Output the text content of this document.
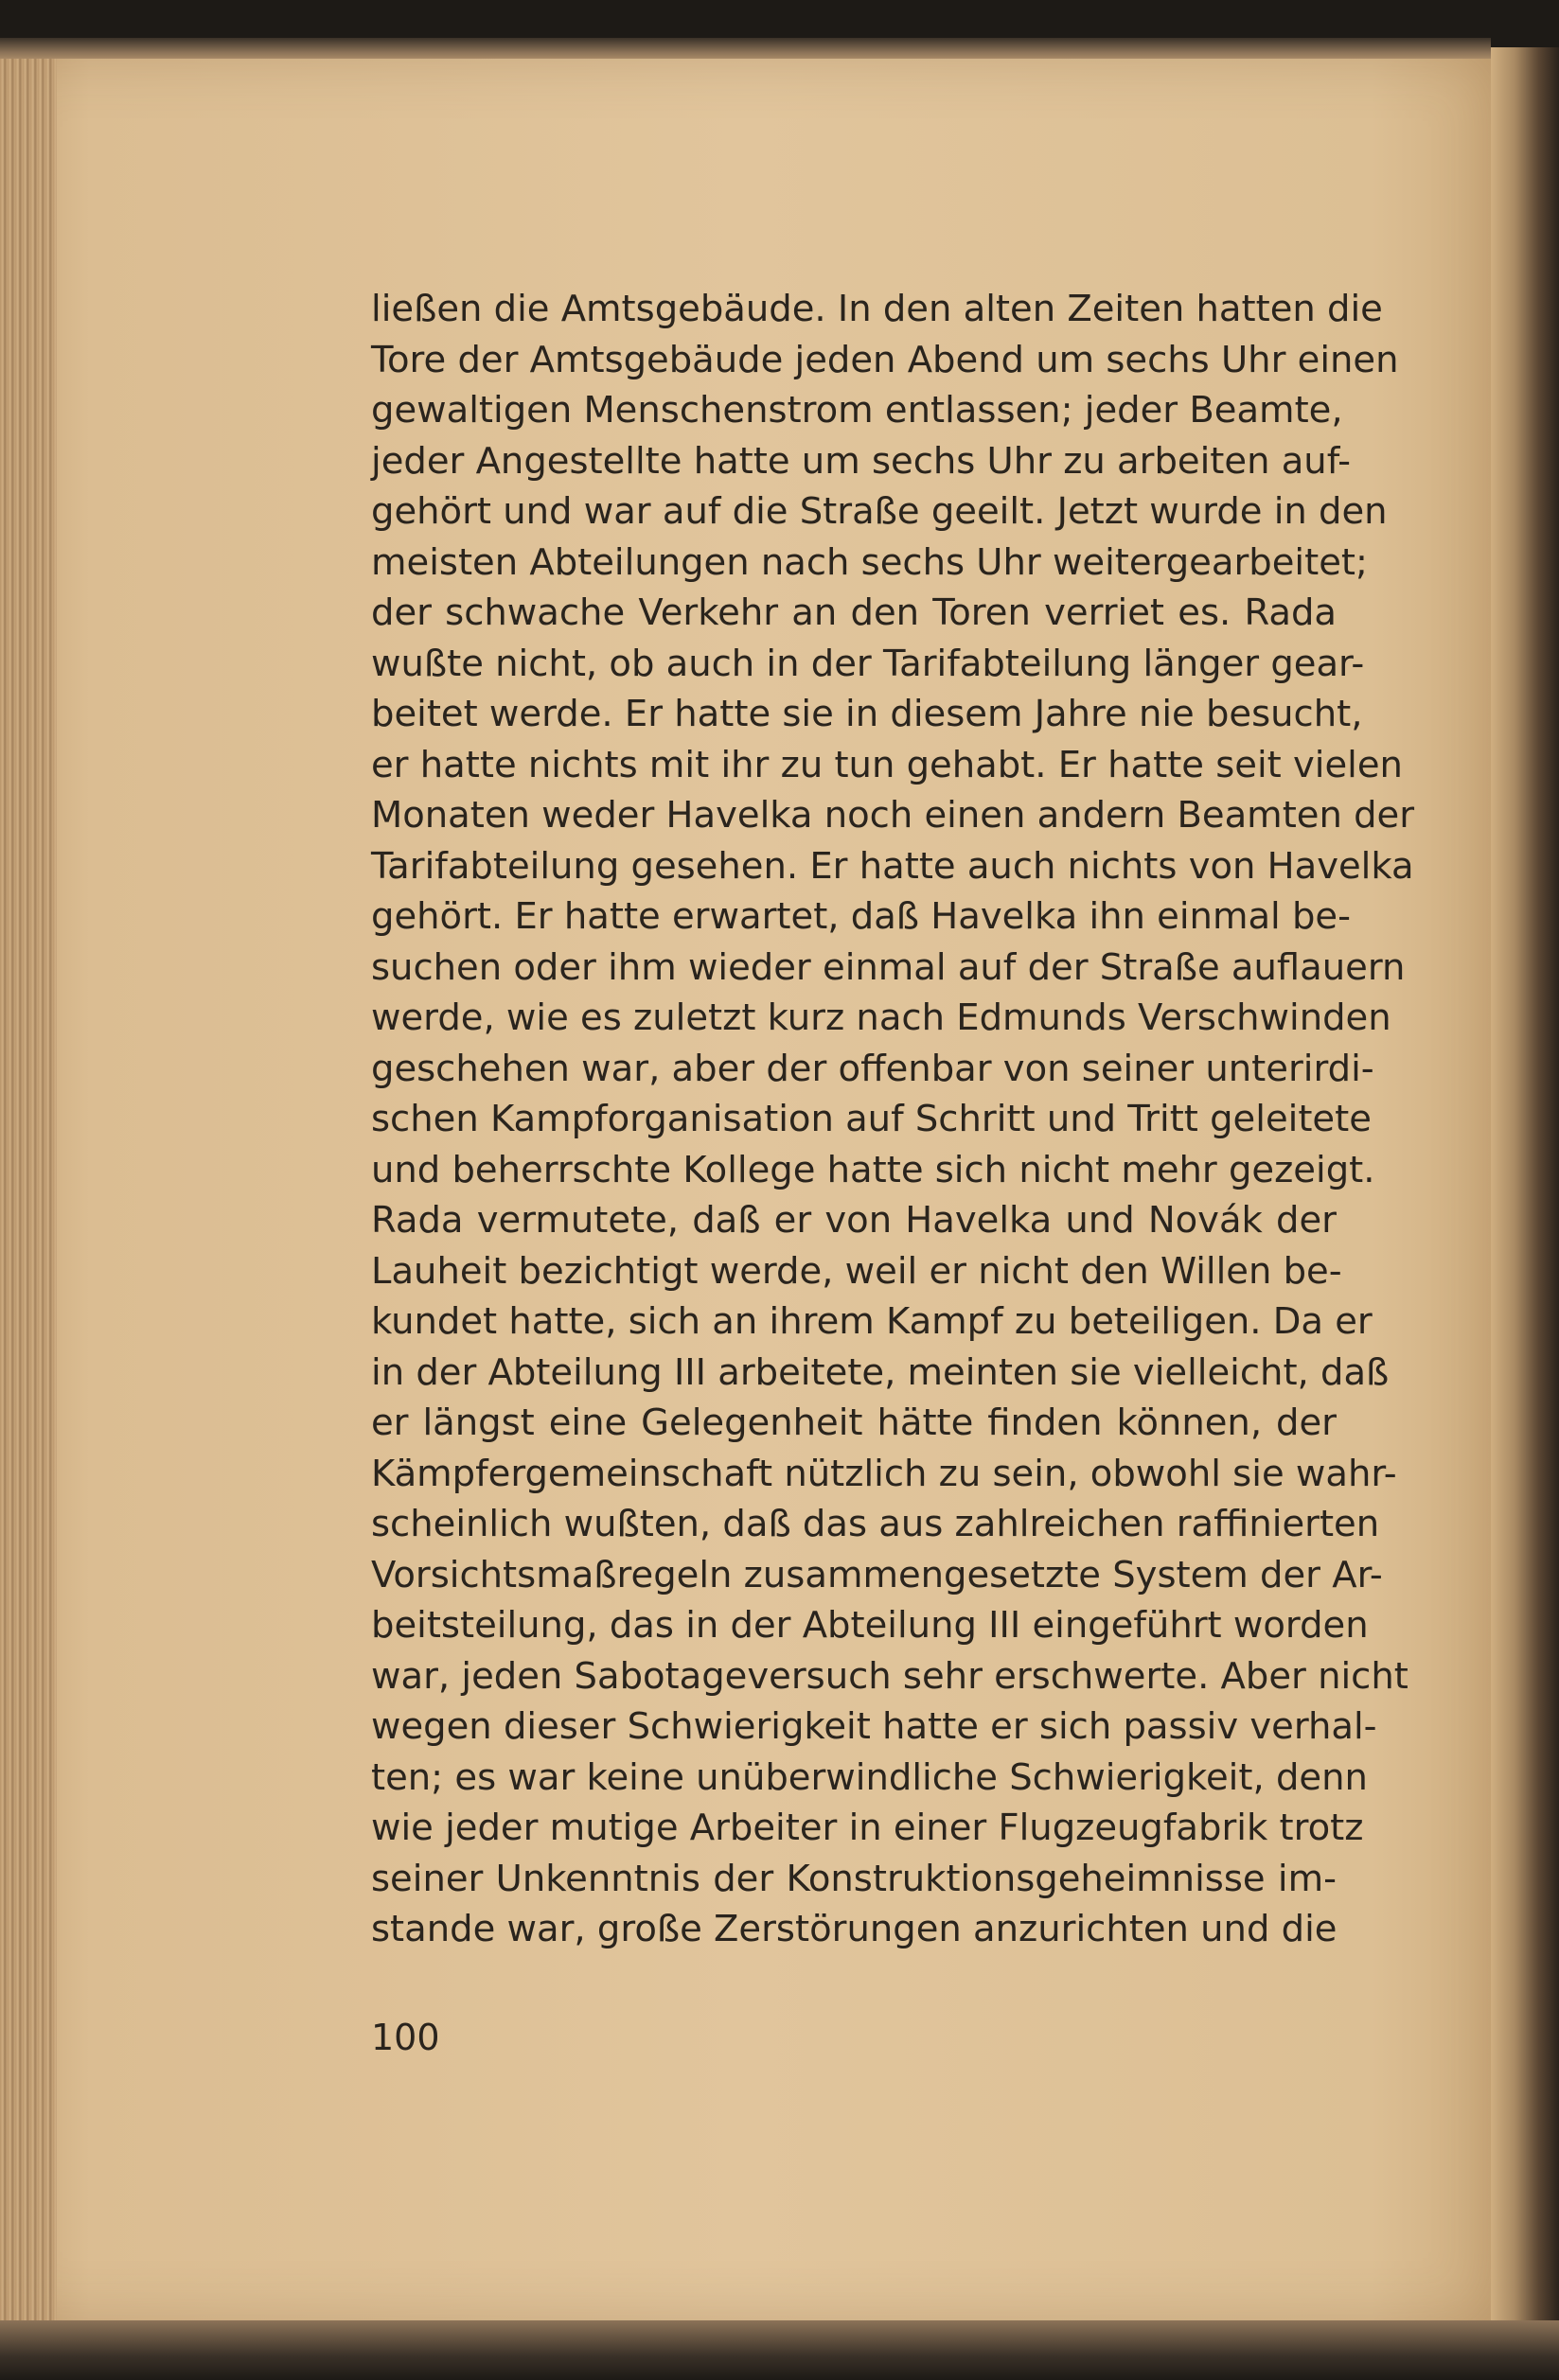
ließen die Amtsgebäude. In den alten Zeiten hatten die
Tore der Amtsgebäude jeden Abend um sechs Uhr einen
gewaltigen Menschenstrom entlassen; jeder Beamte,
jeder Angestellte hatte um sechs Uhr zu arbeiten auf-
gehört und war auf die Straße geeilt. Jetzt wurde in den
meisten Abteilungen nach sechs Uhr weitergearbeitet;
der schwache Verkehr an den Toren verriet es. Rada
wußte nicht, ob auch in der Tarifabteilung länger gear-
beitet werde. Er hatte sie in diesem Jahre nie besucht,
er hatte nichts mit ihr zu tun gehabt. Er hatte seit vielen
Monaten weder Havelka noch einen andern Beamten der
Tarifabteilung gesehen. Er hatte auch nichts von Havelka
gehört. Er hatte erwartet, daß Havelka ihn einmal be-
suchen oder ihm wieder einmal auf der Straße auflauern
werde, wie es zuletzt kurz nach Edmunds Verschwinden
geschehen war, aber der offenbar von seiner unterirdi-
schen Kampforganisation auf Schritt und Tritt geleitete
und beherrschte Kollege hatte sich nicht mehr gezeigt.
Rada vermutete, daß er von Havelka und Novák der
Lauheit bezichtigt werde, weil er nicht den Willen be-
kundet hatte, sich an ihrem Kampf zu beteiligen. Da er
in der Abteilung III arbeitete, meinten sie vielleicht, daß
er längst eine Gelegenheit hätte finden können, der
Kämpfergemeinschaft nützlich zu sein, obwohl sie wahr-
scheinlich wußten, daß das aus zahlreichen raffinierten
Vorsichtsmaßregeln zusammengesetzte System der Ar-
beitsteilung, das in der Abteilung III eingeführt worden
war, jeden Sabotageversuch sehr erschwerte. Aber nicht
wegen dieser Schwierigkeit hatte er sich passiv verhal-
ten; es war keine unüberwindliche Schwierigkeit, denn
wie jeder mutige Arbeiter in einer Flugzeugfabrik trotz
seiner Unkenntnis der Konstruktionsgeheimnisse im-
stande war, große Zerstörungen anzurichten und die
100
